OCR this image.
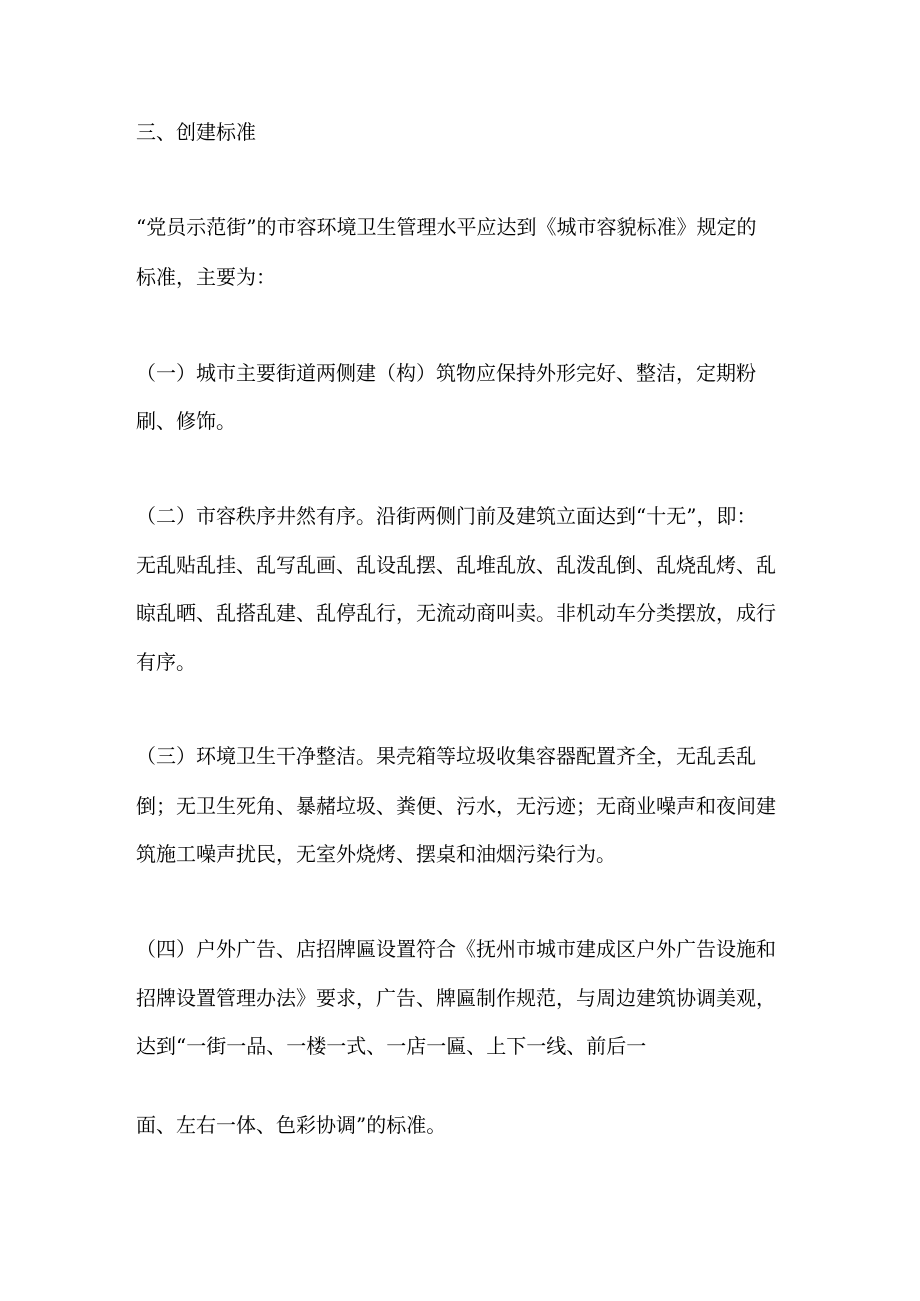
三、创建标准
“党员示范街”的市容环境卫生管理水平应达到《城市容貌标准》规定的
标准，主要为：
（一）城市主要街道两侧建（构）筑物应保持外形完好、整洁，定期粉
刷、修饰。
（二）市容秩序井然有序。沿街两侧门前及建筑立面达到“十无”，即：
无乱贴乱挂、乱写乱画、乱设乱摆、乱堆乱放、乱泼乱倒、乱烧乱烤、乱
晾乱晒、乱搭乱建、乱停乱行，无流动商叫卖。非机动车分类摆放，成行
有序。
（三）环境卫生干净整洁。果壳箱等垃圾收集容器配置齐全，无乱丢乱
倒；无卫生死角、暴赭垃圾、粪便、污水，无污迹；无商业噪声和夜间建
筑施工噪声扰民，无室外烧烤、摆桌和油烟污染行为。
（四）户外广告、店招牌匾设置符合《抚州市城市建成区户外广告设施和
招牌设置管理办法》要求，广告、牌匾制作规范，与周边建筑协调美观，
达到“一街一品、一楼一式、一店一匾、上下一线、前后一
面、左右一体、色彩协调”的标准。
